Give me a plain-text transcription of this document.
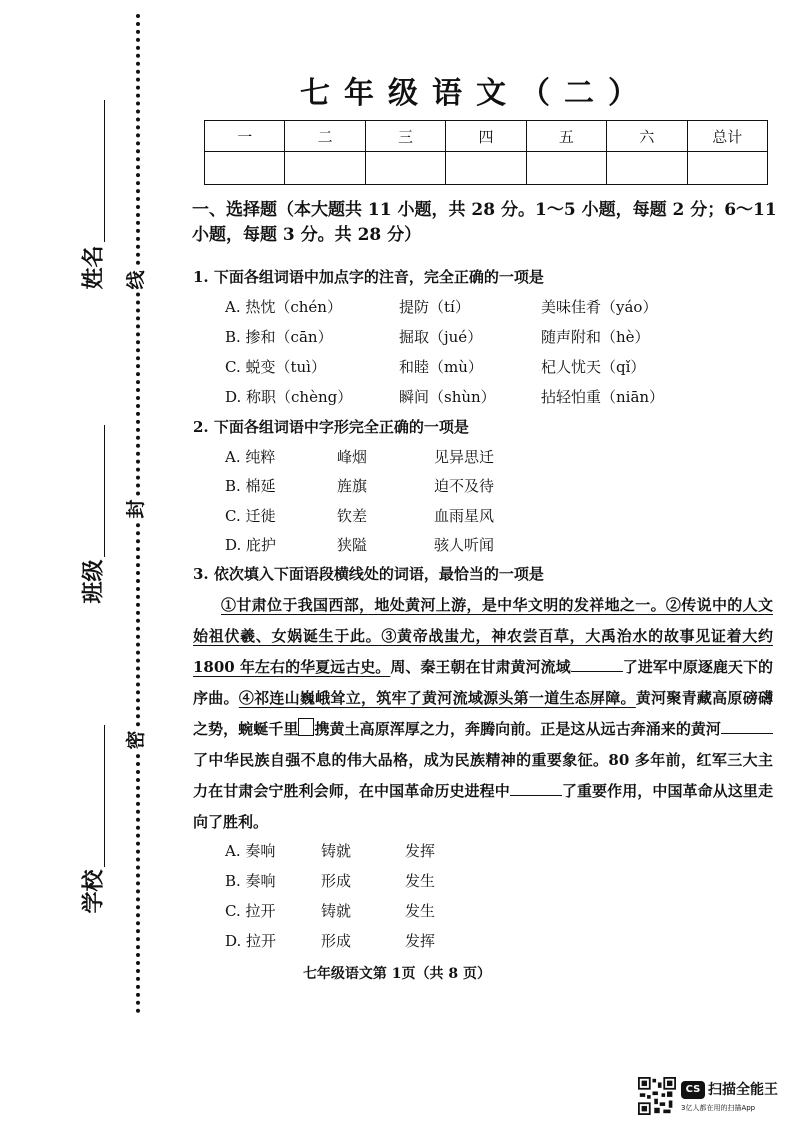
姓名
班级
学校
线
封
密
七年级语文（二）
一	二	三	四	五	六	总计

一、选择题（本大题共 11 小题，共 28 分。1～5 小题，每题 2 分；6～11 小题，每题 3 分。共 28 分）
1. 下面各组词语中加点字的注音，完全正确的一项是
A. 热忱（chén）	提防（tí）	美味佳肴（yáo）
B. 掺和（cān）	掘取（jué）	随声附和（hè）
C. 蜕变（tuì）	和睦（mù）	杞人忧天（qǐ）
D. 称职（chèng）	瞬间（shùn）	拈轻怕重（niān）
2. 下面各组词语中字形完全正确的一项是
A. 纯粹	峰烟	见异思迁
B. 棉延	旌旗	迫不及待
C. 迁徙	钦差	血雨星风
D. 庇护	狭隘	骇人听闻
3. 依次填入下面语段横线处的词语，最恰当的一项是
①甘肃位于我国西部，地处黄河上游，是中华文明的发祥地之一。②传说中的人文始祖伏羲、女娲诞生于此。③黄帝战蚩尤，神农尝百草，大禹治水的故事见证着大约 1800 年左右的华夏远古史。周、秦王朝在甘肃黄河流域	了进军中原逐鹿天下的序曲。④祁连山巍峨耸立，筑牢了黄河流域源头第一道生态屏障。黄河聚青藏高原磅礴之势，蜿蜒千里 携黄土高原浑厚之力，奔腾向前。正是这从远古奔涌来的黄河了中华民族自强不息的伟大品格，成为民族精神的重要象征。80 多年前，红军三大主力在甘肃会宁胜利会师，在中国革命历史进程中	了重要作用，中国革命从这里走向了胜利。
A. 奏响	铸就	发挥
B. 奏响	形成	发生
C. 拉开	铸就	发生
D. 拉开	形成	发挥
七年级语文第 1页（共 8 页）
CS 扫描全能王
3亿人都在用的扫描App
